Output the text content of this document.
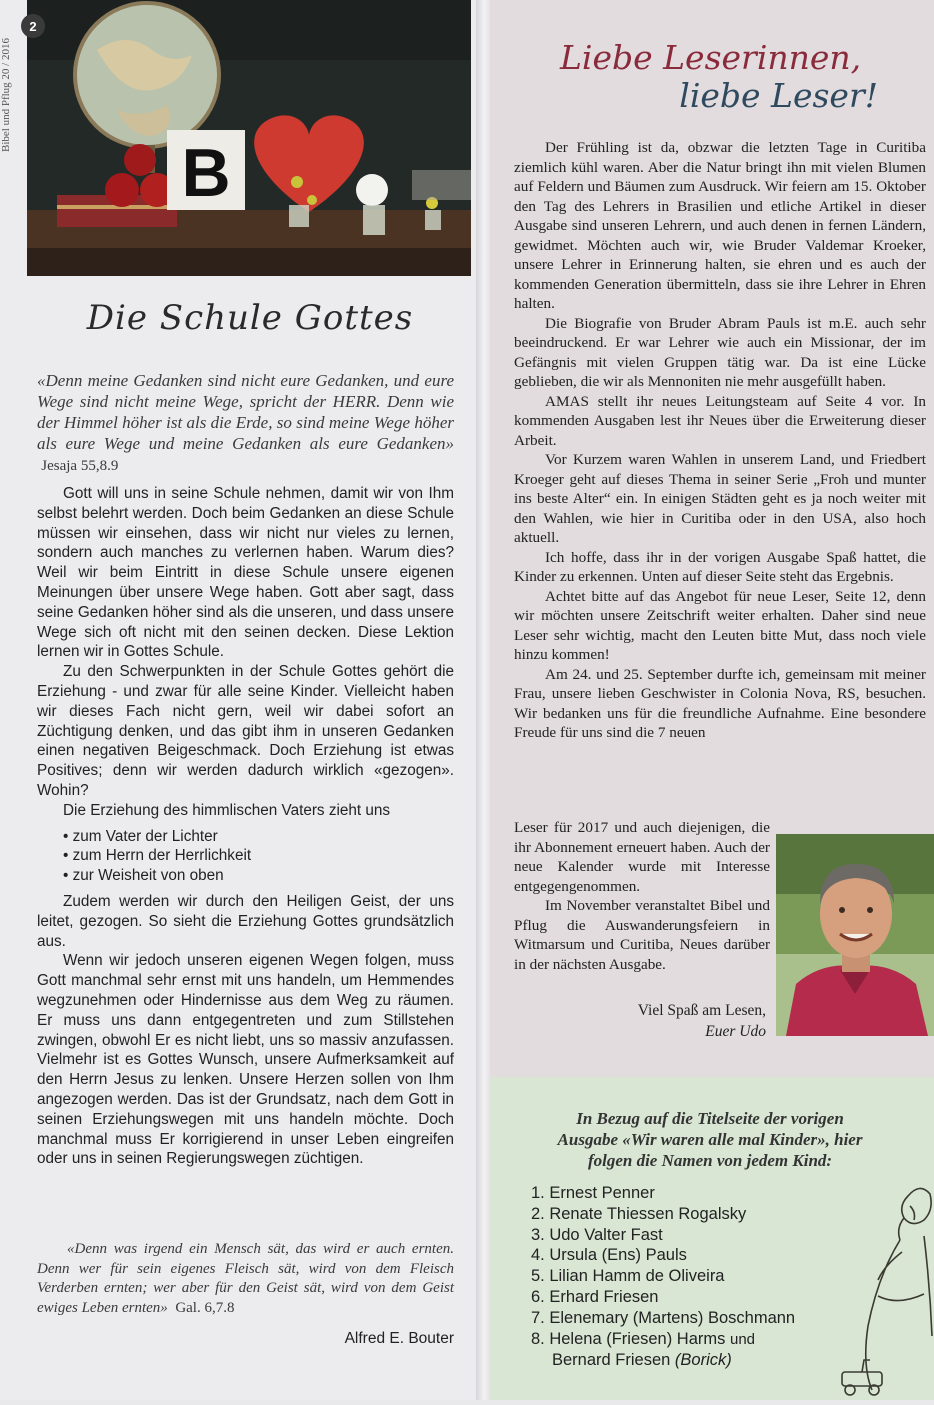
Bibel und Pflug 20 / 2016
B
2
Die Schule Gottes
«Denn meine Gedanken sind nicht eure Gedanken, und eure Wege sind nicht meine Wege, spricht der HERR. Denn wie der Himmel höher ist als die Erde, so sind meine Wege höher als eure Wege und meine Gedanken als eure Gedanken»  Jesaja 55,8.9

Gott will uns in seine Schule nehmen, damit wir von Ihm selbst belehrt werden. Doch beim Gedanken an diese Schule müssen wir einsehen, dass wir nicht nur vieles zu lernen, sondern auch manches zu verlernen haben. Warum dies? Weil wir beim Eintritt in diese Schule unsere eigenen Meinungen über unsere Wege haben. Gott aber sagt, dass seine Gedanken höher sind als die unseren, und dass unsere Wege sich oft nicht mit den seinen decken. Diese Lektion lernen wir in Gottes Schule.

Zu den Schwerpunkten in der Schule Gottes gehört die Erziehung - und zwar für alle seine Kinder. Vielleicht haben wir dieses Fach nicht gern, weil wir dabei sofort an Züchtigung denken, und das gibt ihm in unseren Gedanken einen negativen Beigeschmack. Doch Erziehung ist etwas Positives; denn wir werden dadurch wirklich «gezogen». Wohin?

Die Erziehung des himmlischen Vaters zieht uns

• zum Vater der Lichter
• zum Herrn der Herrlichkeit
• zur Weisheit von oben

Zudem werden wir durch den Heiligen Geist, der uns leitet, gezogen. So sieht die Erziehung Gottes grundsätzlich aus.

Wenn wir jedoch unseren eigenen Wegen folgen, muss Gott manchmal sehr ernst mit uns handeln, um Hemmendes wegzunehmen oder Hindernisse aus dem Weg zu räumen. Er muss uns dann entgegentreten und zum Stillstehen zwingen, obwohl Er es nicht liebt, uns so massiv anzufassen. Vielmehr ist es Gottes Wunsch, unsere Aufmerksamkeit auf den Herrn Jesus zu lenken. Unsere Herzen sollen von Ihm angezogen werden. Das ist der Grundsatz, nach dem Gott in seinen Erziehungswegen mit uns handeln möchte. Doch manchmal muss Er korrigierend in unser Leben eingreifen oder uns in seinen Regierungswegen züchtigen.

«Denn was irgend ein Mensch sät, das wird er auch ernten. Denn wer für sein eigenes Fleisch sät, wird von dem Fleisch Verderben ernten; wer aber für den Geist sät, wird von dem Geist ewiges Leben ernten» Gal. 6,7.8
Alfred E. Bouter
Liebe Leserinnen,
liebe Leser!

Der Frühling ist da, obzwar die letzten Tage in Curitiba ziemlich kühl waren. Aber die Natur bringt ihn mit vielen Blumen auf Feldern und Bäumen zum Ausdruck. Wir feiern am 15. Oktober den Tag des Lehrers in Brasilien und etliche Artikel in dieser Ausgabe sind unseren Lehrern, und auch denen in fernen Ländern, gewidmet. Möchten auch wir, wie Bruder Valdemar Kroeker, unsere Lehrer in Erinnerung halten, sie ehren und es auch der kommenden Generation übermitteln, dass sie ihre Lehrer in Ehren halten.

Die Biografie von Bruder Abram Pauls ist m.E. auch sehr beeindruckend. Er war Lehrer wie auch ein Missionar, der im Gefängnis mit vielen Gruppen tätig war. Da ist eine Lücke geblieben, die wir als Mennoniten nie mehr ausgefüllt haben.

AMAS stellt ihr neues Leitungsteam auf Seite 4 vor. In kommenden Ausgaben lest ihr Neues über die Erweiterung dieser Arbeit.

Vor Kurzem waren Wahlen in unserem Land, und Friedbert Kroeger geht auf dieses Thema in seiner Serie „Froh und munter ins beste Alter“ ein. In einigen Städten geht es ja noch weiter mit den Wahlen, wie hier in Curitiba oder in den USA, also hoch aktuell.

Ich hoffe, dass ihr in der vorigen Ausgabe Spaß hattet, die Kinder zu erkennen. Unten auf dieser Seite steht das Ergebnis.

Achtet bitte auf das Angebot für neue Leser, Seite 12, denn wir möchten unsere Zeitschrift weiter erhalten. Daher sind neue Leser sehr wichtig, macht den Leuten bitte Mut, dass noch viele hinzu kommen!

Am 24. und 25. September durfte ich, gemeinsam mit meiner Frau, unsere lieben Geschwister in Colonia Nova, RS, besuchen. Wir bedanken uns für die freundliche Aufnahme. Eine besondere Freude für uns sind die 7 neuen

Leser für 2017 und auch diejenigen, die ihr Abonnement erneuert haben. Auch der neue Kalender wurde mit Interesse entgegengenommen.

Im November veranstaltet Bibel und Pflug die Auswanderungsfeiern in Witmarsum und Curitiba, Neues darüber in der nächsten Ausgabe.

Viel Spaß am Lesen,
Euer Udo
In Bezug auf die Titelseite der vorigen
Ausgabe «Wir waren alle mal Kinder», hier
folgen die Namen von jedem Kind:
1. Ernest Penner
2. Renate Thiessen Rogalsky
3. Udo Valter Fast
4. Ursula (Ens) Pauls
5. Lilian Hamm de Oliveira
6. Erhard Friesen
7. Elenemary (Martens) Boschmann
8. Helena (Friesen) Harms und
Bernard Friesen (Borick)
